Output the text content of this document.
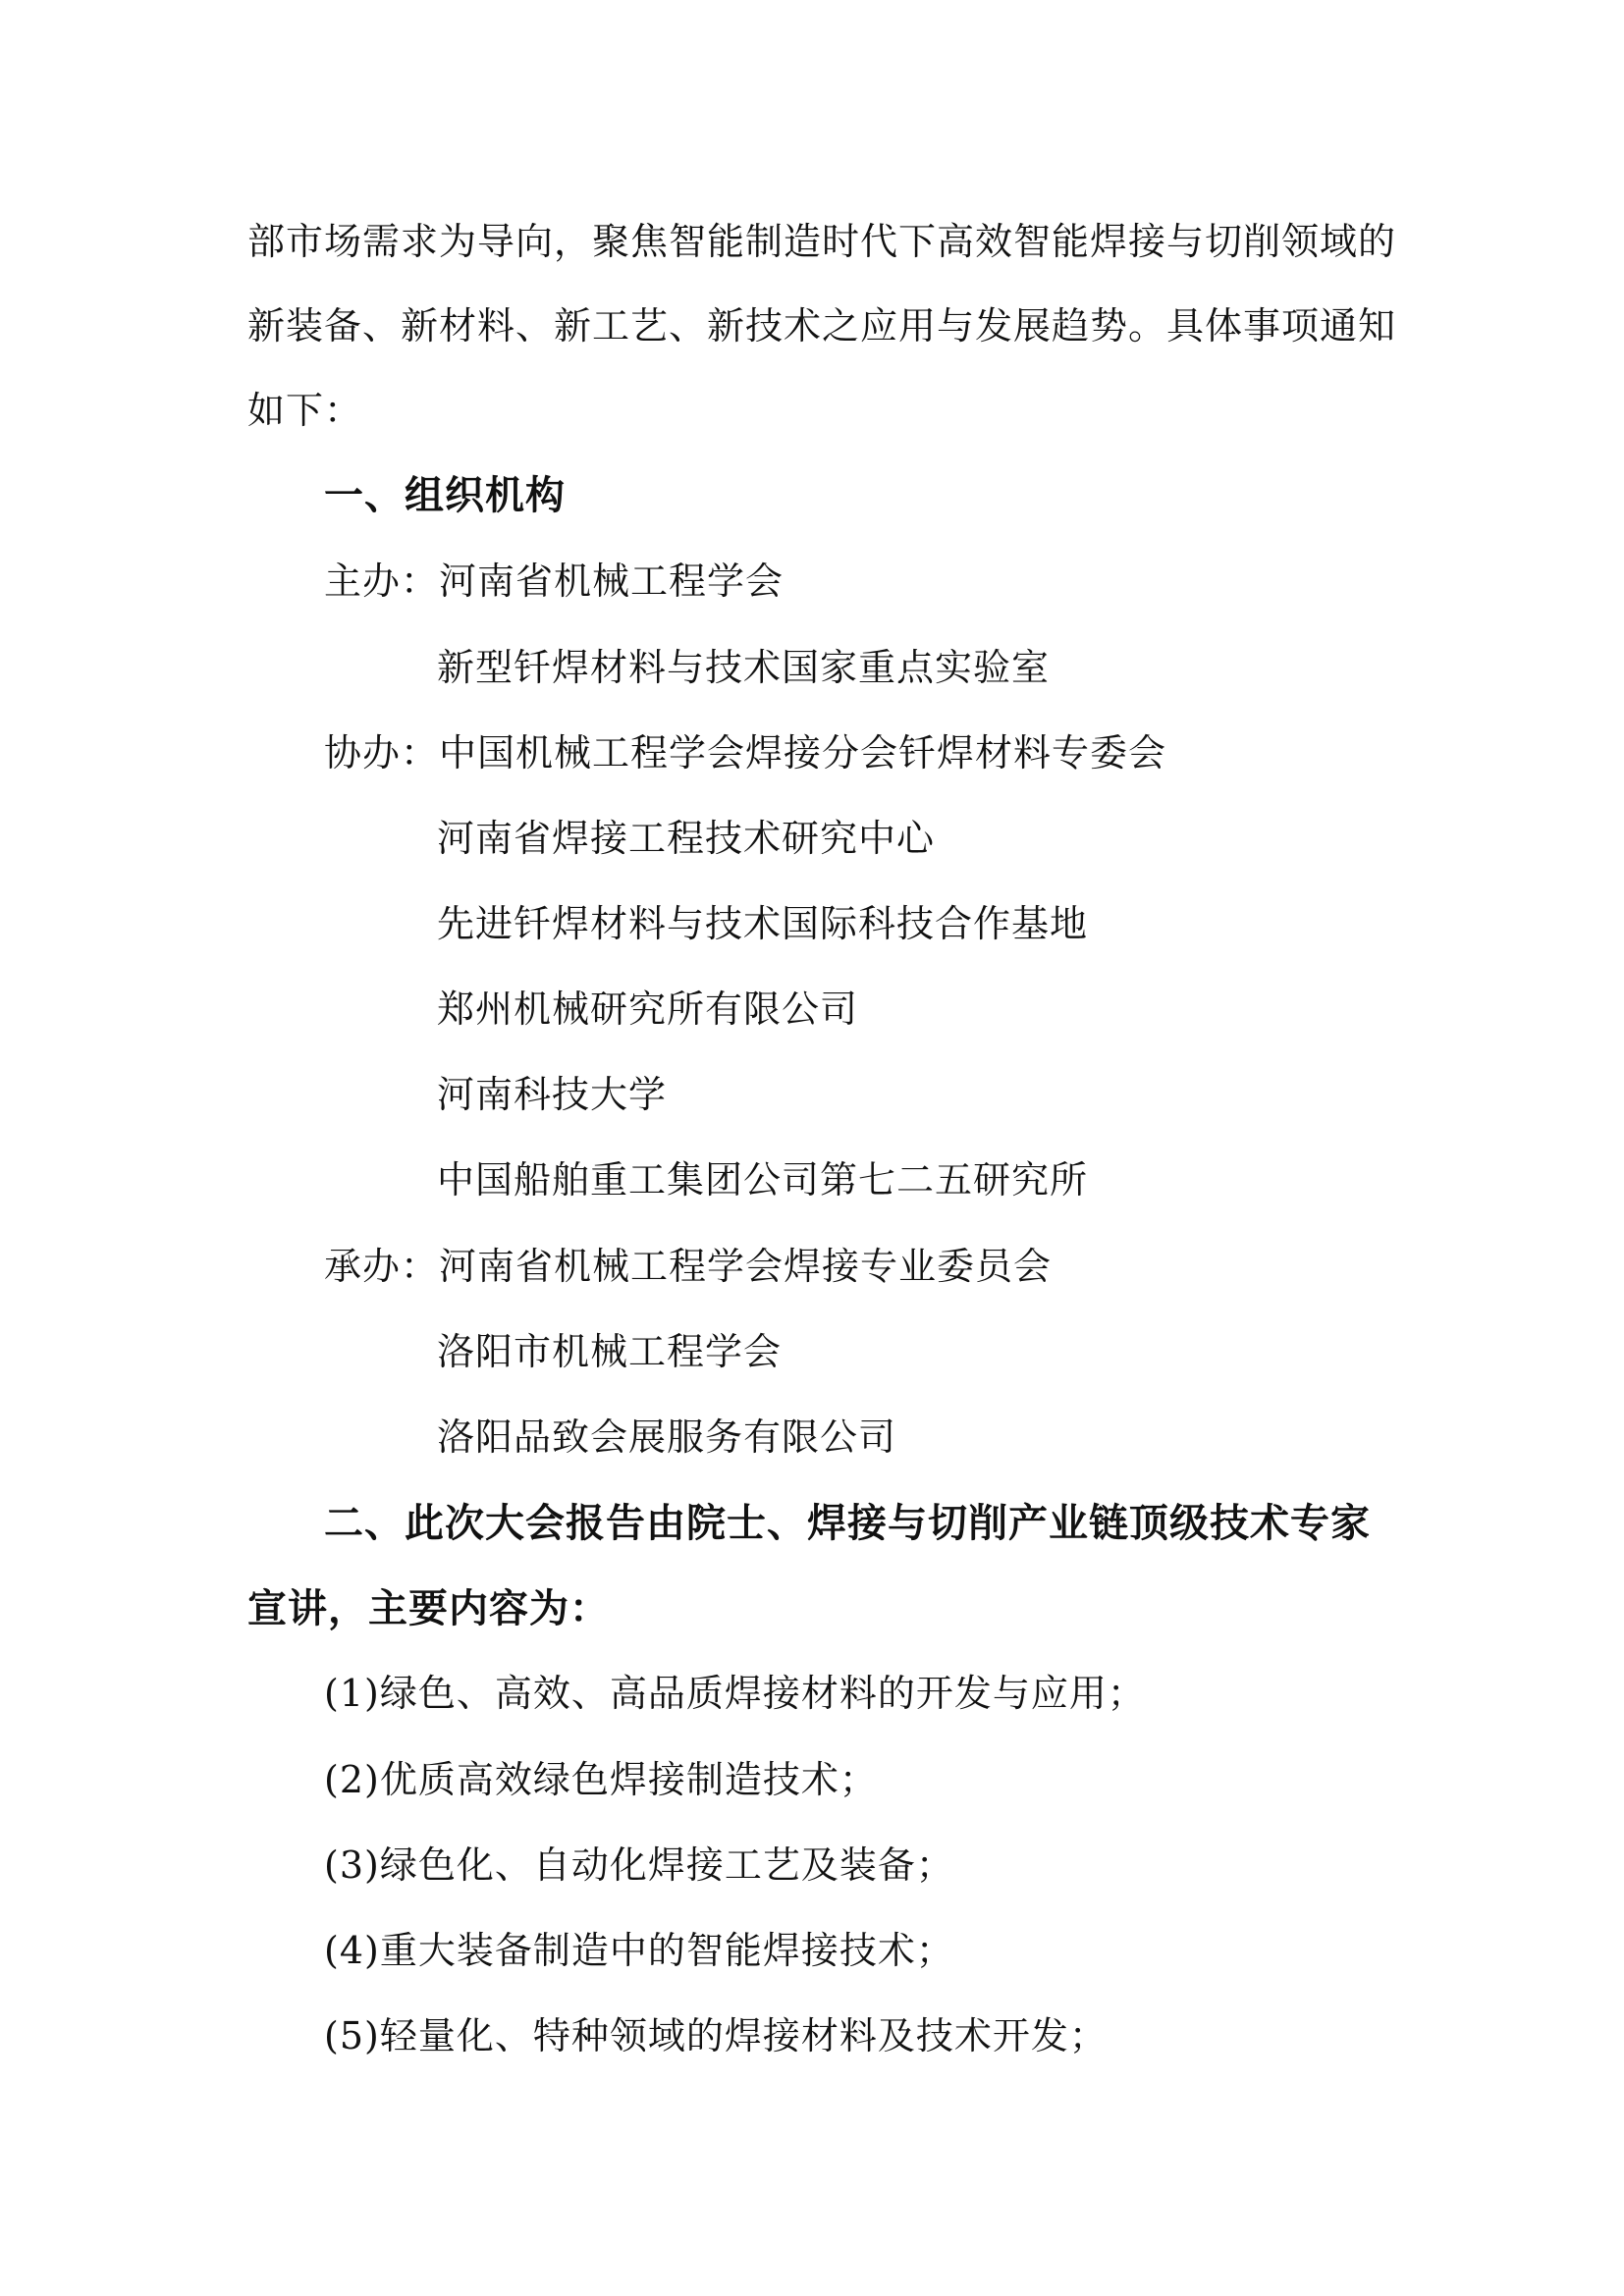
部市场需求为导向，聚焦智能制造时代下高效智能焊接与切削领域的
新装备、新材料、新工艺、新技术之应用与发展趋势。具体事项通知
如下：
一、组织机构
主办：河南省机械工程学会
新型钎焊材料与技术国家重点实验室
协办：中国机械工程学会焊接分会钎焊材料专委会
河南省焊接工程技术研究中心
先进钎焊材料与技术国际科技合作基地
郑州机械研究所有限公司
河南科技大学
中国船舶重工集团公司第七二五研究所
承办：河南省机械工程学会焊接专业委员会
洛阳市机械工程学会
洛阳品致会展服务有限公司
二、此次大会报告由院士、焊接与切削产业链顶级技术专家
宣讲，主要内容为：
(1)绿色、高效、高品质焊接材料的开发与应用；
(2)优质高效绿色焊接制造技术；
(3)绿色化、自动化焊接工艺及装备；
(4)重大装备制造中的智能焊接技术；
(5)轻量化、特种领域的焊接材料及技术开发；
